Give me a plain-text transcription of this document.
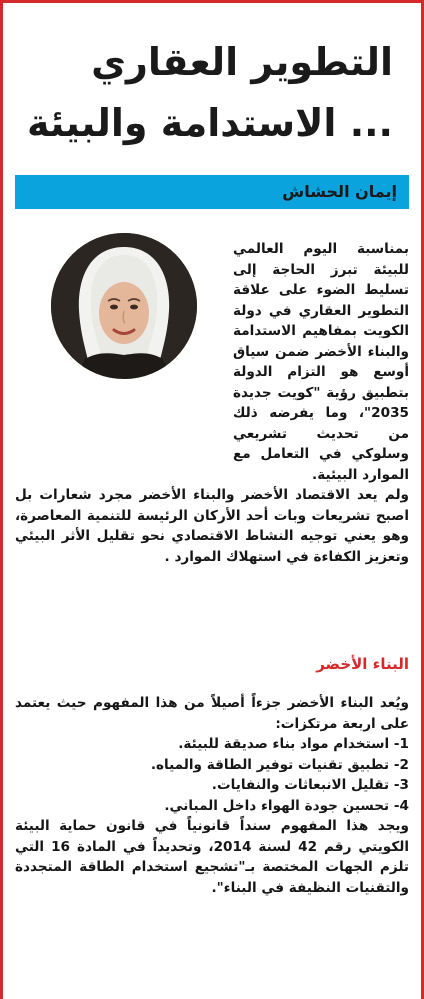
التطوير العقاري
... الاستدامة والبيئة
إيمان الحشاش

بمناسبة اليوم العالمي للبيئة تبرز الحاجة إلى تسليط الضوء على علاقة التطوير العقاري في دولة الكويت بمفاهيم الاستدامة والبناء الأخضر ضمن سياق أوسع هو التزام الدولة بتطبيق رؤية "كويت جديدة 2035"، وما يفرضه ذلك من تحديث تشريعي وسلوكي في التعامل مع الموارد البيئية.

ولم يعد الاقتصاد الأخضر والبناء الأخضر مجرد شعارات بل اصبح تشريعات وبات أحد الأركان الرئيسة للتنمية المعاصرة، وهو يعني توجيه النشاط الاقتصادي نحو تقليل الأثر البيئي وتعزيز الكفاءة في استهلاك الموارد .

البناء الأخضر

ويُعد البناء الأخضر جزءاً أصيلاً من هذا المفهوم حيث يعتمد على اربعة مرتكزات:

1- استخدام مواد بناء صديقة للبيئة.

2- تطبيق تقنيات توفير الطاقة والمياه.

3- تقليل الانبعاثات والنفايات.

4- تحسين جودة الهواء داخل المباني.

ويجد هذا المفهوم سنداً قانونياً في قانون حماية البيئة الكويتي رقم 42 لسنة 2014، وتحديداً في المادة 16 التي تلزم الجهات المختصة بـ"تشجيع استخدام الطاقة المتجددة والتقنيات النظيفة في البناء".
